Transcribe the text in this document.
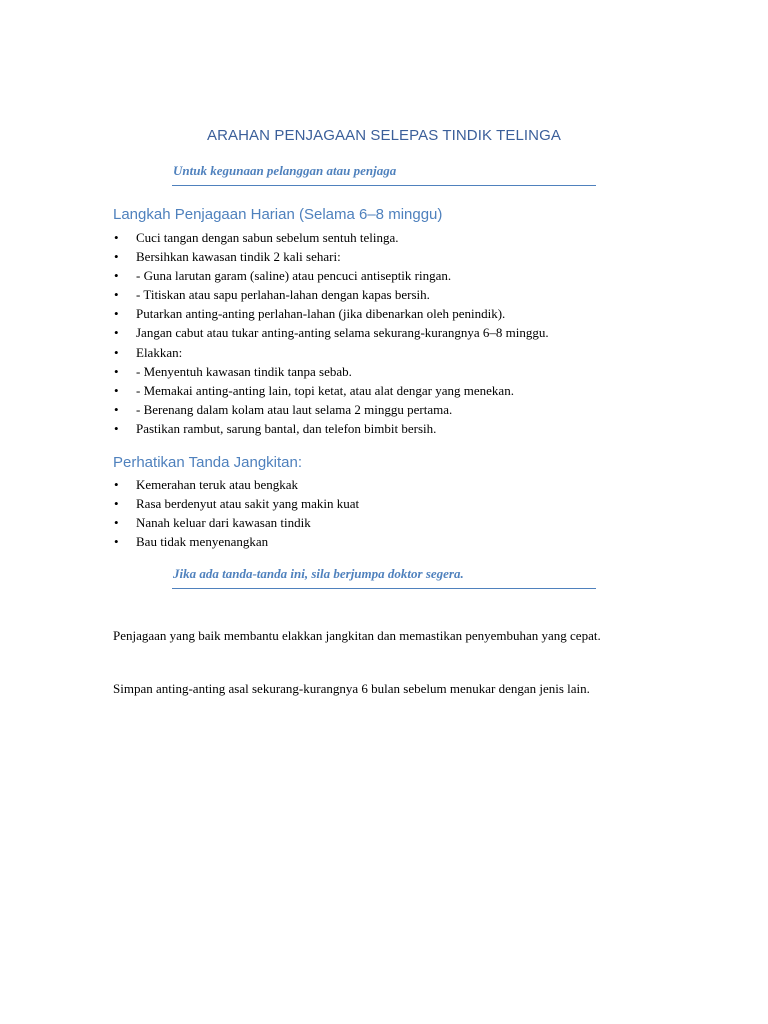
ARAHAN PENJAGAAN SELEPAS TINDIK TELINGA
Untuk kegunaan pelanggan atau penjaga
Langkah Penjagaan Harian (Selama 6–8 minggu)
• Cuci tangan dengan sabun sebelum sentuh telinga.
• Bersihkan kawasan tindik 2 kali sehari:
• - Guna larutan garam (saline) atau pencuci antiseptik ringan.
• - Titiskan atau sapu perlahan-lahan dengan kapas bersih.
• Putarkan anting-anting perlahan-lahan (jika dibenarkan oleh penindik).
• Jangan cabut atau tukar anting-anting selama sekurang-kurangnya 6–8 minggu.
• Elakkan:
• - Menyentuh kawasan tindik tanpa sebab.
• - Memakai anting-anting lain, topi ketat, atau alat dengar yang menekan.
• - Berenang dalam kolam atau laut selama 2 minggu pertama.
• Pastikan rambut, sarung bantal, dan telefon bimbit bersih.
Perhatikan Tanda Jangkitan:
• Kemerahan teruk atau bengkak
• Rasa berdenyut atau sakit yang makin kuat
• Nanah keluar dari kawasan tindik
• Bau tidak menyenangkan
Jika ada tanda-tanda ini, sila berjumpa doktor segera.

Penjagaan yang baik membantu elakkan jangkitan dan memastikan penyembuhan yang cepat.

Simpan anting-anting asal sekurang-kurangnya 6 bulan sebelum menukar dengan jenis lain.
